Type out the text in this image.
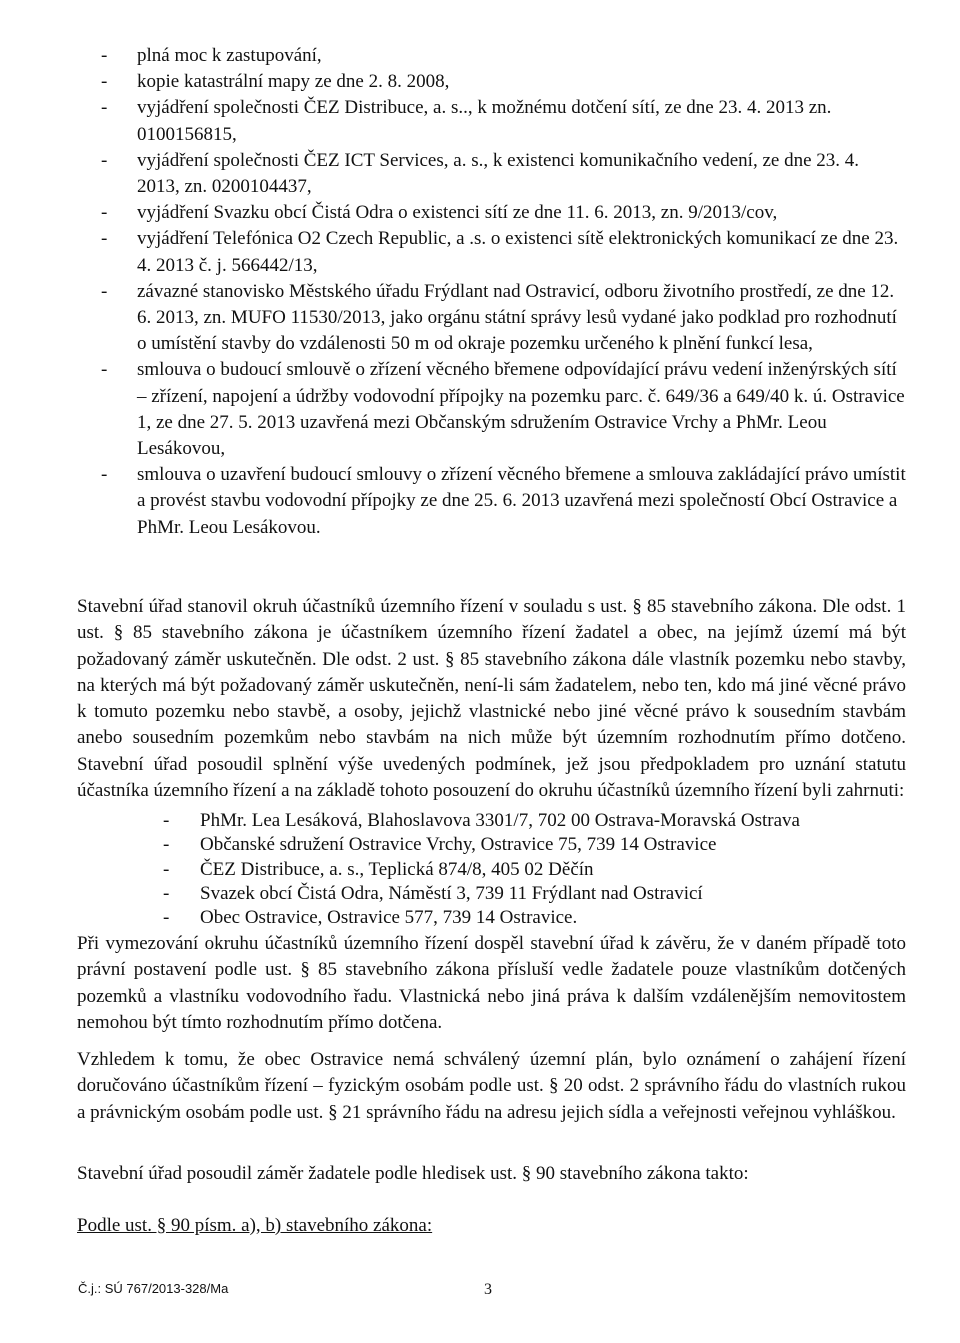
- plná moc k zastupování,
- kopie katastrální mapy ze dne 2. 8. 2008,
- vyjádření společnosti ČEZ Distribuce, a. s.., k možnému dotčení sítí, ze dne 23. 4. 2013 zn. 0100156815,
- vyjádření společnosti ČEZ ICT Services, a. s., k existenci komunikačního vedení, ze dne 23. 4. 2013, zn. 0200104437,
- vyjádření Svazku obcí Čistá Odra o existenci sítí ze dne 11. 6. 2013, zn. 9/2013/cov,
- vyjádření Telefónica O2 Czech Republic, a .s. o existenci sítě elektronických komunikací ze dne 23. 4. 2013 č. j. 566442/13,
- závazné stanovisko Městského úřadu Frýdlant nad Ostravicí, odboru životního prostředí, ze dne 12. 6. 2013, zn. MUFO 11530/2013, jako orgánu státní správy lesů vydané jako podklad pro rozhodnutí o umístění stavby do vzdálenosti 50 m od okraje pozemku určeného k plnění funkcí lesa,
- smlouva o budoucí smlouvě o zřízení věcného břemene odpovídající právu vedení inženýrských sítí – zřízení, napojení a údržby vodovodní přípojky na pozemku parc. č. 649/36 a 649/40 k. ú. Ostravice 1, ze dne 27. 5. 2013 uzavřená mezi Občanským sdružením Ostravice Vrchy a PhMr. Leou Lesákovou,
- smlouva o uzavření budoucí smlouvy o zřízení věcného břemene a smlouva zakládající právo umístit a provést stavbu vodovodní přípojky ze dne 25. 6. 2013 uzavřená mezi společností Obcí Ostravice a PhMr. Leou Lesákovou.

Stavební úřad stanovil okruh účastníků územního řízení v souladu s ust. § 85 stavebního zákona. Dle odst. 1 ust. § 85 stavebního zákona je účastníkem územního řízení žadatel a obec, na jejímž území má být požadovaný záměr uskutečněn. Dle odst. 2 ust. § 85 stavebního zákona dále vlastník pozemku nebo stavby, na kterých má být požadovaný záměr uskutečněn, není-li sám žadatelem, nebo ten, kdo má jiné věcné právo k tomuto pozemku nebo stavbě, a osoby, jejichž vlastnické nebo jiné věcné právo k sousedním stavbám anebo sousedním pozemkům nebo stavbám na nich může být územním rozhodnutím přímo dotčeno. Stavební úřad posoudil splnění výše uvedených podmínek, jež jsou předpokladem pro uznání statutu účastníka územního řízení a na základě tohoto posouzení do okruhu účastníků územního řízení byli zahrnuti:

- PhMr. Lea Lesáková, Blahoslavova 3301/7, 702 00 Ostrava-Moravská Ostrava
- Občanské sdružení Ostravice Vrchy, Ostravice 75, 739 14 Ostravice
- ČEZ Distribuce, a. s., Teplická 874/8, 405 02 Děčín
- Svazek obcí Čistá Odra, Náměstí 3, 739 11 Frýdlant nad Ostravicí
- Obec Ostravice, Ostravice 577, 739 14 Ostravice.

Při vymezování okruhu účastníků územního řízení dospěl stavební úřad k závěru, že v daném případě toto právní postavení podle ust. § 85 stavebního zákona přísluší vedle žadatele pouze vlastníkům dotčených pozemků a vlastníku vodovodního řadu. Vlastnická nebo jiná práva k dalším vzdálenějším nemovitostem nemohou být tímto rozhodnutím přímo dotčena.

Vzhledem k tomu, že obec Ostravice nemá schválený územní plán, bylo oznámení o zahájení řízení doručováno účastníkům řízení – fyzickým osobám podle ust. § 20 odst. 2 správního řádu do vlastních rukou a právnickým osobám podle ust. § 21 správního řádu na adresu jejich sídla a veřejnosti veřejnou vyhláškou.

Stavební úřad posoudil záměr žadatele podle hledisek ust. § 90 stavebního zákona takto:

Podle ust. § 90 písm. a), b) stavebního zákona:
Č.j.: SÚ 767/2013-328/Ma	3
